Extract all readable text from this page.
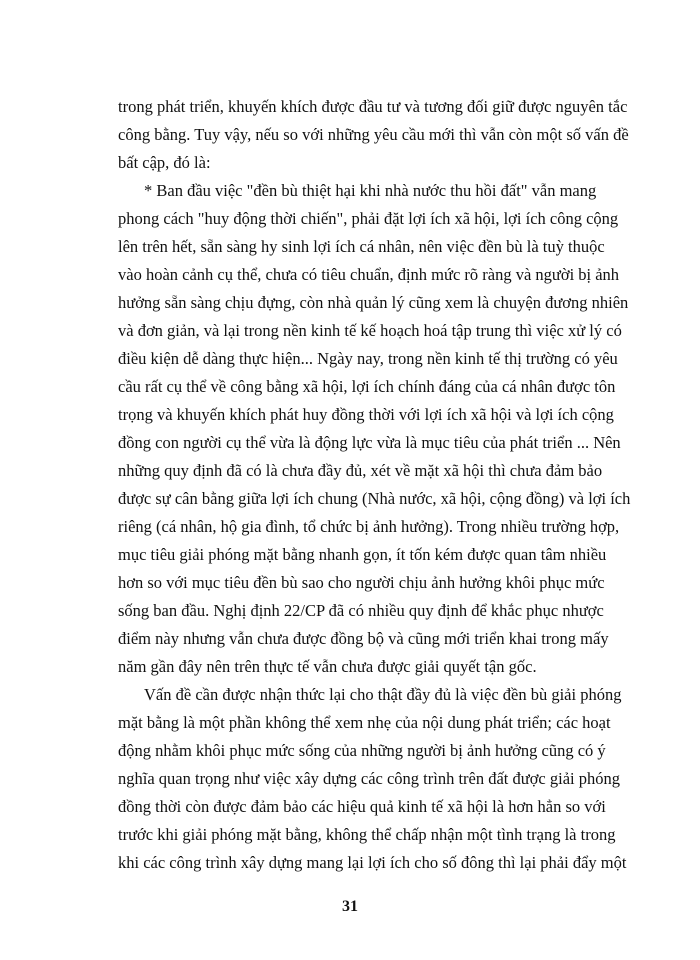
trong phát triển, khuyến khích được đầu tư và tương đối giữ được nguyên tắc
công bằng. Tuy vậy, nếu so với những yêu cầu mới thì vẫn còn một số vấn đề
bất cập, đó là:
* Ban đầu việc "đền bù thiệt hại khi nhà nước thu hồi đất" vẫn mang
phong cách "huy động thời chiến", phải đặt lợi ích xã hội, lợi ích công cộng
lên trên hết, sẵn sàng hy sinh lợi ích cá nhân, nên việc đền bù là tuỳ thuộc
vào hoàn cảnh cụ thể, chưa có tiêu chuẩn, định mức rõ ràng và người bị ảnh
hưởng sẵn sàng chịu đựng, còn nhà quản lý cũng xem là chuyện đương nhiên
và đơn giản, và lại trong nền kinh tế kế hoạch hoá tập trung thì việc xử lý có
điều kiện dễ dàng thực hiện... Ngày nay, trong nền kinh tế thị trường có yêu
cầu rất cụ thể về công bằng xã hội, lợi ích chính đáng của cá nhân được tôn
trọng và khuyến khích phát huy đồng thời với lợi ích xã hội và lợi ích cộng
đồng con người cụ thể vừa là động lực vừa là mục tiêu của phát triển ... Nên
những quy định đã có là chưa đầy đủ, xét về mặt xã hội thì chưa đảm bảo
được sự cân bằng giữa lợi ích chung (Nhà nước, xã hội, cộng đồng) và lợi ích
riêng (cá nhân, hộ gia đình, tổ chức bị ảnh hưởng). Trong nhiều trường hợp,
mục tiêu giải phóng mặt bằng nhanh gọn, ít tốn kém được quan tâm nhiều
hơn so với mục tiêu đền bù sao cho người chịu ảnh hưởng khôi phục mức
sống ban đầu. Nghị định 22/CP đã có nhiều quy định để khắc phục nhược
điểm này nhưng vẫn chưa được đồng bộ và cũng mới triển khai trong mấy
năm gần đây nên trên thực tế vẫn chưa được giải quyết tận gốc.
Vấn đề cần được nhận thức lại cho thật đầy đủ là việc đền bù giải phóng
mặt bằng là một phần không thể xem nhẹ của nội dung phát triển; các hoạt
động nhằm khôi phục mức sống của những người bị ảnh hưởng cũng có ý
nghĩa quan trọng như việc xây dựng các công trình trên đất được giải phóng
đồng thời còn được đảm bảo các hiệu quả kinh tế xã hội là hơn hẳn so với
trước khi giải phóng mặt bằng, không thể chấp nhận một tình trạng là trong
khi các công trình xây dựng mang lại lợi ích cho số đông thì lại phải đẩy một
31
